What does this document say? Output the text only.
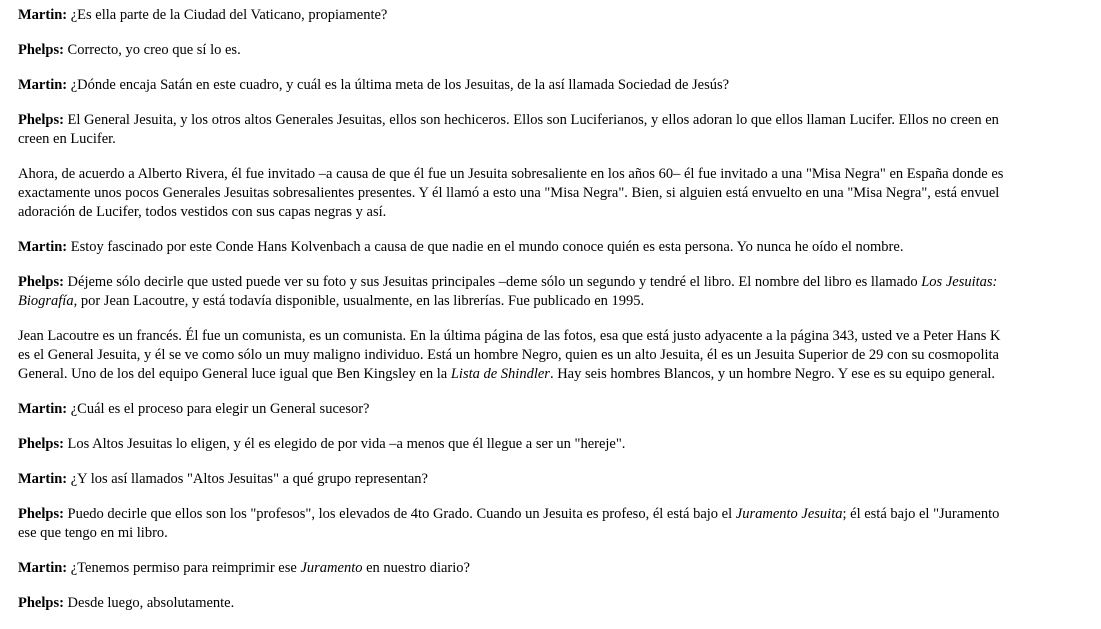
Martin: ¿Es ella parte de la Ciudad del Vaticano, propiamente?

Phelps: Correcto, yo creo que sí lo es.

Martin: ¿Dónde encaja Satán en este cuadro, y cuál es la última meta de los Jesuitas, de la así llamada Sociedad de Jesús?

Phelps: El General Jesuita, y los otros altos Generales Jesuitas, ellos son hechiceros. Ellos son Luciferianos, y ellos adoran lo que ellos llaman Lucifer. Ellos no creen en
creen en Lucifer.

Ahora, de acuerdo a Alberto Rivera, él fue invitado –a causa de que él fue un Jesuita sobresaliente en los años 60– él fue invitado a una "Misa Negra" en España donde es
exactamente unos pocos Generales Jesuitas sobresalientes presentes. Y él llamó a esto una "Misa Negra". Bien, si alguien está envuelto en una "Misa Negra", está envuel
adoración de Lucifer, todos vestidos con sus capas negras y así.

Martin: Estoy fascinado por este Conde Hans Kolvenbach a causa de que nadie en el mundo conoce quién es esta persona. Yo nunca he oído el nombre.

Phelps: Déjeme sólo decirle que usted puede ver su foto y sus Jesuitas principales –deme sólo un segundo y tendré el libro. El nombre del libro es llamado Los Jesuitas:
Biografía, por Jean Lacoutre, y está todavía disponible, usualmente, en las librerías. Fue publicado en 1995.

Jean Lacoutre es un francés. Él fue un comunista, es un comunista. En la última página de las fotos, esa que está justo adyacente a la página 343, usted ve a Peter Hans K
es el General Jesuita, y él se ve como sólo un muy maligno individuo. Está un hombre Negro, quien es un alto Jesuita, él es un Jesuita Superior de 29 con su cosmopolita
General. Uno de los del equipo General luce igual que Ben Kingsley en la Lista de Shindler. Hay seis hombres Blancos, y un hombre Negro. Y ese es su equipo general.

Martin: ¿Cuál es el proceso para elegir un General sucesor?

Phelps: Los Altos Jesuitas lo eligen, y él es elegido de por vida –a menos que él llegue a ser un "hereje".

Martin: ¿Y los así llamados "Altos Jesuitas" a qué grupo representan?

Phelps: Puedo decirle que ellos son los "profesos", los elevados de 4to Grado. Cuando un Jesuita es profeso, él está bajo el Juramento Jesuita; él está bajo el "Juramento
ese que tengo en mi libro.

Martin: ¿Tenemos permiso para reimprimir ese Juramento en nuestro diario?

Phelps: Desde luego, absolutamente.
